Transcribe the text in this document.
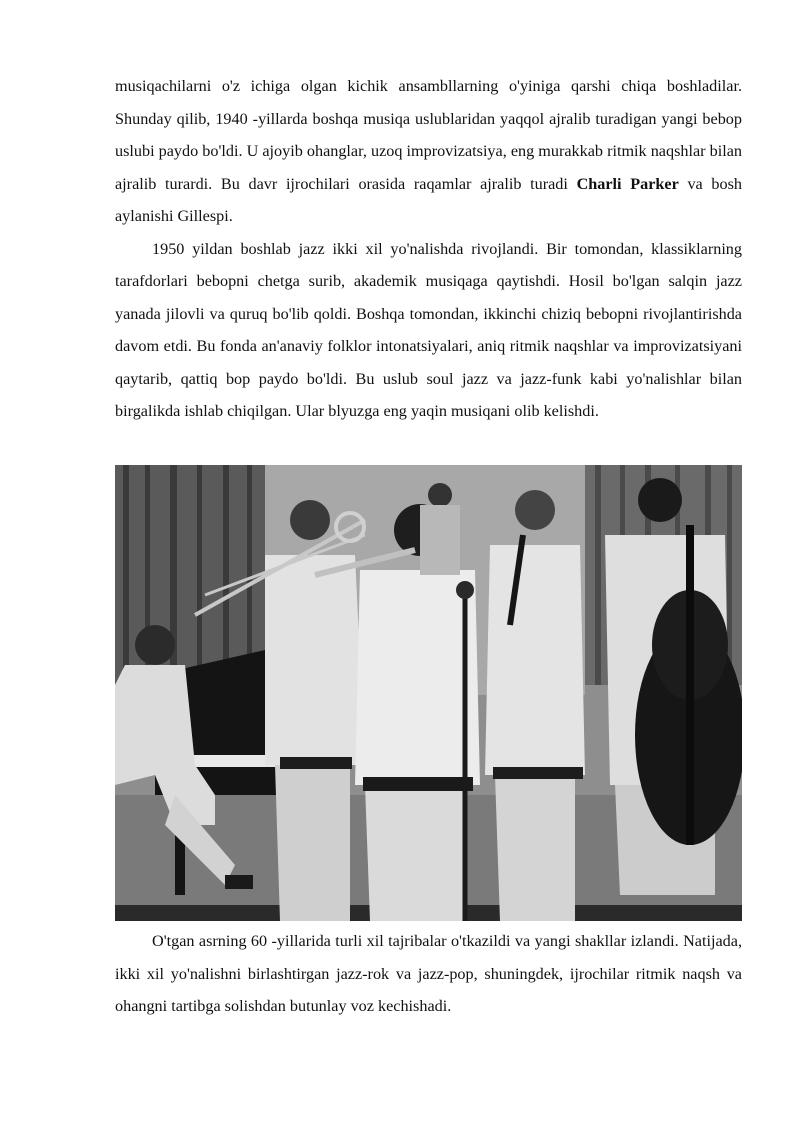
musiqachilarni o'z ichiga olgan kichik ansambllarning o'yiniga qarshi chiqa boshladilar. Shunday qilib, 1940 -yillarda boshqa musiqa uslublaridan yaqqol ajralib turadigan yangi bebop uslubi paydo bo'ldi. U ajoyib ohanglar, uzoq improvizatsiya, eng murakkab ritmik naqshlar bilan ajralib turardi. Bu davr ijrochilari orasida raqamlar ajralib turadi Charli Parker va bosh aylanishi Gillespi.

1950 yildan boshlab jazz ikki xil yo'nalishda rivojlandi. Bir tomondan, klassiklarning tarafdorlari bebopni chetga surib, akademik musiqaga qaytishdi. Hosil bo'lgan salqin jazz yanada jilovli va quruq bo'lib qoldi. Boshqa tomondan, ikkinchi chiziq bebopni rivojlantirishda davom etdi. Bu fonda an'anaviy folklor intonatsiyalari, aniq ritmik naqshlar va improvizatsiyani qaytarib, qattiq bop paydo bo'ldi. Bu uslub soul jazz va jazz-funk kabi yo'nalishlar bilan birgalikda ishlab chiqilgan. Ular blyuzga eng yaqin musiqani olib kelishdi.

O'tgan asrning 60 -yillarida turli xil tajribalar o'tkazildi va yangi shakllar izlandi. Natijada, ikki xil yo'nalishni birlashtirgan jazz-rok va jazz-pop, shuningdek, ijrochilar ritmik naqsh va ohangni tartibga solishdan butunlay voz kechishadi.
